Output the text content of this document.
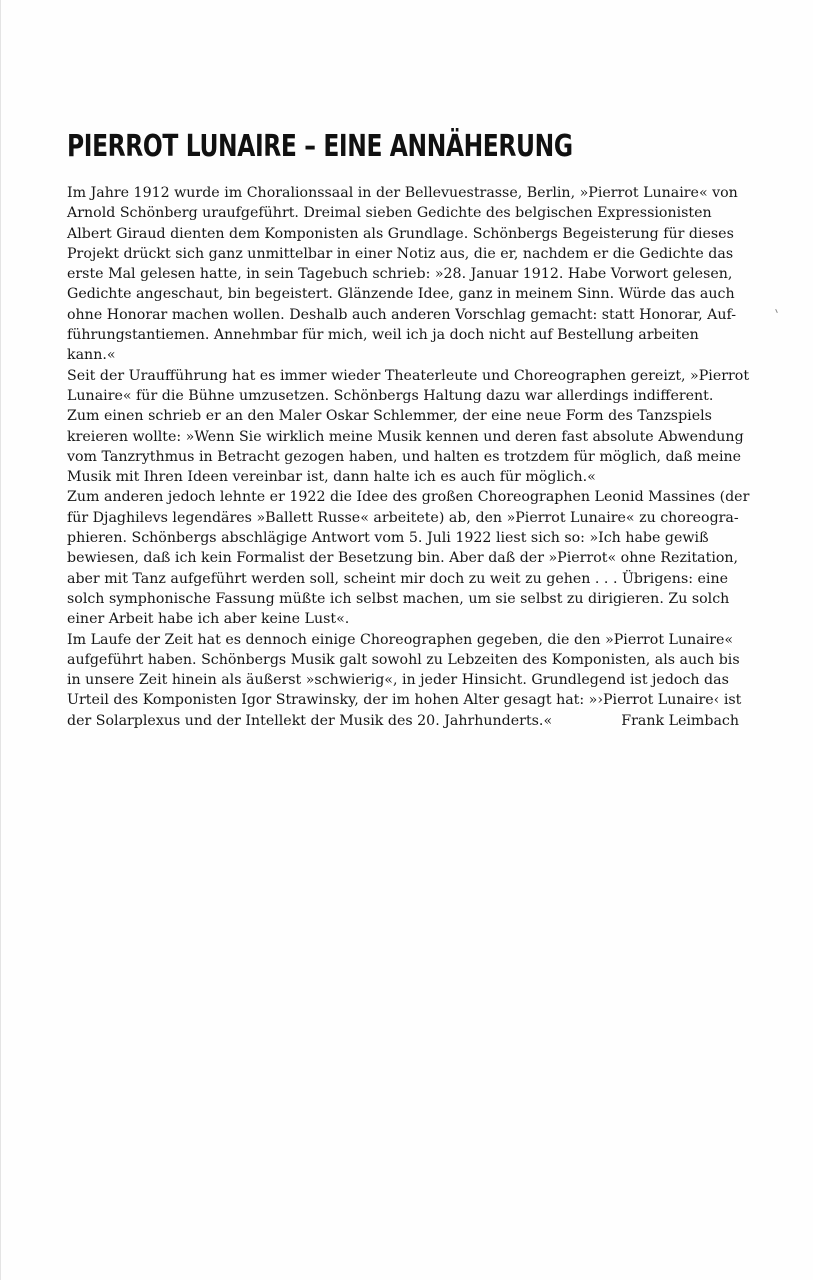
PIERROT LUNAIRE – EINE ANNÄHERUNG

Im Jahre 1912 wurde im Choralionssaal in der Bellevuestrasse, Berlin, »Pierrot Lunaire« von
Arnold Schönberg uraufgeführt. Dreimal sieben Gedichte des belgischen Expressionisten
Albert Giraud dienten dem Komponisten als Grundlage. Schönbergs Begeisterung für dieses
Projekt drückt sich ganz unmittelbar in einer Notiz aus, die er, nachdem er die Gedichte das
erste Mal gelesen hatte, in sein Tagebuch schrieb: »28. Januar 1912. Habe Vorwort gelesen,
Gedichte angeschaut, bin begeistert. Glänzende Idee, ganz in meinem Sinn. Würde das auch
ohne Honorar machen wollen. Deshalb auch anderen Vorschlag gemacht: statt Honorar, Auf-
führungstantiemen. Annehmbar für mich, weil ich ja doch nicht auf Bestellung arbeiten
kann.«

Seit der Uraufführung hat es immer wieder Theaterleute und Choreographen gereizt, »Pierrot
Lunaire« für die Bühne umzusetzen. Schönbergs Haltung dazu war allerdings indifferent.
Zum einen schrieb er an den Maler Oskar Schlemmer, der eine neue Form des Tanzspiels
kreieren wollte: »Wenn Sie wirklich meine Musik kennen und deren fast absolute Abwendung
vom Tanzrythmus in Betracht gezogen haben, und halten es trotzdem für möglich, daß meine
Musik mit Ihren Ideen vereinbar ist, dann halte ich es auch für möglich.«

Zum anderen jedoch lehnte er 1922 die Idee des großen Choreographen Leonid Massines (der
für Djaghilevs legendäres »Ballett Russe« arbeitete) ab, den »Pierrot Lunaire« zu choreogra-
phieren. Schönbergs abschlägige Antwort vom 5. Juli 1922 liest sich so: »Ich habe gewiß
bewiesen, daß ich kein Formalist der Besetzung bin. Aber daß der »Pierrot« ohne Rezitation,
aber mit Tanz aufgeführt werden soll, scheint mir doch zu weit zu gehen . . . Übrigens: eine
solch symphonische Fassung müßte ich selbst machen, um sie selbst zu dirigieren. Zu solch
einer Arbeit habe ich aber keine Lust«.

Im Laufe der Zeit hat es dennoch einige Choreographen gegeben, die den »Pierrot Lunaire«
aufgeführt haben. Schönbergs Musik galt sowohl zu Lebzeiten des Komponisten, als auch bis
in unsere Zeit hinein als äußerst »schwierig«, in jeder Hinsicht. Grundlegend ist jedoch das
Urteil des Komponisten Igor Strawinsky, der im hohen Alter gesagt hat: »›Pierrot Lunaire‹ ist
der Solarplexus und der Intellekt der Musik des 20. Jahrhunderts.«	Frank Leimbach
